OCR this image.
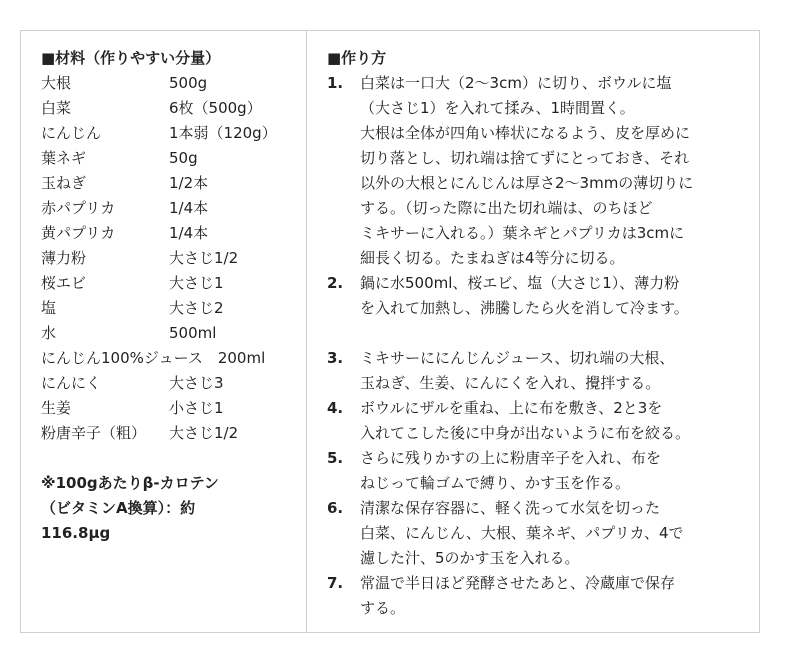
■材料（作りやすい分量）
大根	500g
白菜	6枚（500g）
にんじん	1本弱（120g）
葉ネギ	50g
玉ねぎ	1/2本
赤パプリカ	1/4本
黄パプリカ	1/4本
薄力粉	大さじ1/2
桜エビ	大さじ1
塩	大さじ2
水	500ml
にんじん100%ジュース　200ml
にんにく	大さじ3
生姜	小さじ1
粉唐辛子（粗）	大さじ1/2
※100gあたりβ-カロテン
（ビタミンA換算）：約
116.8μg
■作り方
1.	白菜は一口大（2〜3cm）に切り、ボウルに塩
（大さじ1）を入れて揉み、1時間置く。
大根は全体が四角い棒状になるよう、皮を厚めに
切り落とし、切れ端は捨てずにとっておき、それ
以外の大根とにんじんは厚さ2〜3mmの薄切りに
する。（切った際に出た切れ端は、のちほど
ミキサーに入れる。）葉ネギとパプリカは3cmに
細長く切る。たまねぎは4等分に切る。
2.	鍋に水500ml、桜エビ、塩（大さじ1）、薄力粉
を入れて加熱し、沸騰したら火を消して冷ます。
3.	ミキサーににんじんジュース、切れ端の大根、
玉ねぎ、生姜、にんにくを入れ、攪拌する。
4.	ボウルにザルを重ね、上に布を敷き、2と3を
入れてこした後に中身が出ないように布を絞る。
5.	さらに残りかすの上に粉唐辛子を入れ、布を
ねじって輪ゴムで縛り、かす玉を作る。
6.	清潔な保存容器に、軽く洗って水気を切った
白菜、にんじん、大根、葉ネギ、パプリカ、4で
濾した汁、5のかす玉を入れる。
7.	常温で半日ほど発酵させたあと、冷蔵庫で保存
する。
